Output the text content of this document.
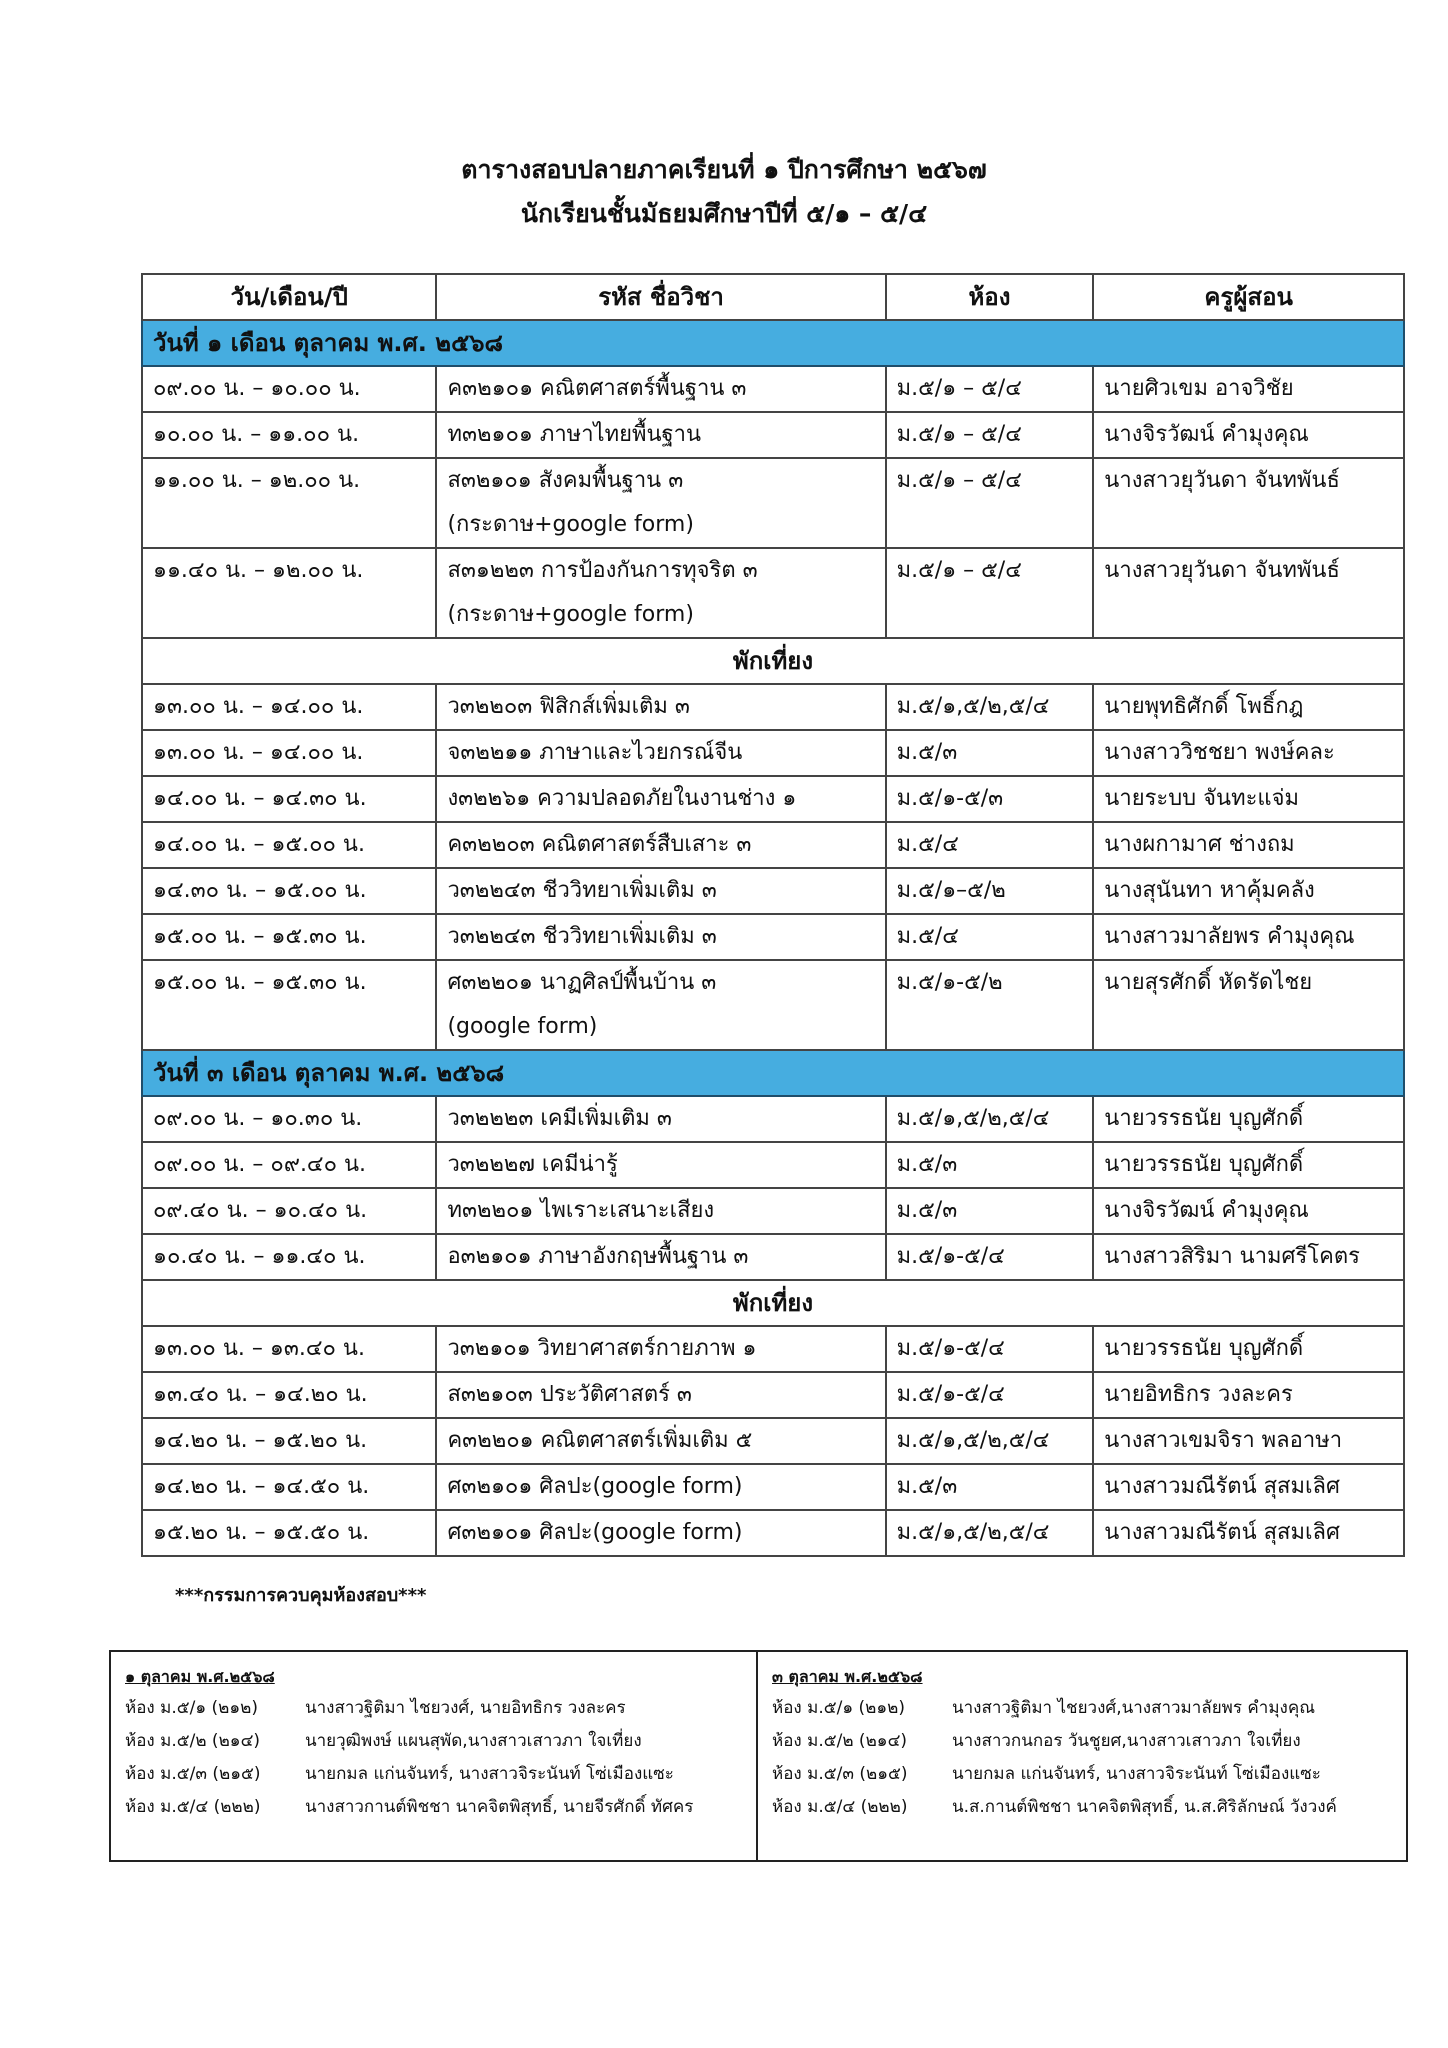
ตารางสอบปลายภาคเรียนที่ ๑ ปีการศึกษา ๒๕๖๗
นักเรียนชั้นมัธยมศึกษาปีที่ ๕/๑ – ๕/๔
วัน/เดือน/ปี	รหัส ชื่อวิชา	ห้อง	ครูผู้สอน
วันที่ ๑ เดือน ตุลาคม พ.ศ. ๒๕๖๘			
๐๙.๐๐ น. – ๑๐.๐๐ น.	ค๓๒๑๐๑ คณิตศาสตร์พื้นฐาน ๓	ม.๕/๑ – ๕/๔	นายศิวเขม อาจวิชัย
๑๐.๐๐ น. – ๑๑.๐๐ น.	ท๓๒๑๐๑ ภาษาไทยพื้นฐาน	ม.๕/๑ – ๕/๔	นางจิรวัฒน์ คำมุงคุณ
๑๑.๐๐ น. – ๑๒.๐๐ น.	ส๓๒๑๐๑ สังคมพื้นฐาน ๓
(กระดาษ+google form)	ม.๕/๑ – ๕/๔	นางสาวยุวันดา จันทพันธ์
๑๑.๔๐ น. – ๑๒.๐๐ น.	ส๓๑๒๒๓ การป้องกันการทุจริต ๓
(กระดาษ+google form)	ม.๕/๑ – ๕/๔	นางสาวยุวันดา จันทพันธ์
พักเที่ยง			
๑๓.๐๐ น. – ๑๔.๐๐ น.	ว๓๒๒๐๓ ฟิสิกส์เพิ่มเติม ๓	ม.๕/๑,๕/๒,๕/๔	นายพุทธิศักดิ์ โพธิ์กฎ
๑๓.๐๐ น. – ๑๔.๐๐ น.	จ๓๒๒๑๑ ภาษาและไวยกรณ์จีน	ม.๕/๓	นางสาววิชชยา พงษ์คละ
๑๔.๐๐ น. – ๑๔.๓๐ น.	ง๓๒๒๖๑ ความปลอดภัยในงานช่าง ๑	ม.๕/๑-๕/๓	นายระบบ จันทะแจ่ม
๑๔.๐๐ น. – ๑๕.๐๐ น.	ค๓๒๒๐๓ คณิตศาสตร์สืบเสาะ ๓	ม.๕/๔	นางผกามาศ ช่างถม
๑๔.๓๐ น. – ๑๕.๐๐ น.	ว๓๒๒๔๓ ชีววิทยาเพิ่มเติม ๓	ม.๕/๑–๕/๒	นางสุนันทา หาคุ้มคลัง
๑๕.๐๐ น. – ๑๕.๓๐ น.	ว๓๒๒๔๓ ชีววิทยาเพิ่มเติม ๓	ม.๕/๔	นางสาวมาลัยพร คำมุงคุณ
๑๕.๐๐ น. – ๑๕.๓๐ น.	ศ๓๒๒๐๑ นาฏศิลป์พื้นบ้าน ๓
(google form)	ม.๕/๑-๕/๒	นายสุรศักดิ์ หัดรัดไชย
วันที่ ๓ เดือน ตุลาคม พ.ศ. ๒๕๖๘			
๐๙.๐๐ น. – ๑๐.๓๐ น.	ว๓๒๒๒๓ เคมีเพิ่มเติม ๓	ม.๕/๑,๕/๒,๕/๔	นายวรรธนัย บุญศักดิ์
๐๙.๐๐ น. – ๐๙.๔๐ น.	ว๓๒๒๒๗ เคมีน่ารู้	ม.๕/๓	นายวรรธนัย บุญศักดิ์
๐๙.๔๐ น. – ๑๐.๔๐ น.	ท๓๒๒๐๑ ไพเราะเสนาะเสียง	ม.๕/๓	นางจิรวัฒน์ คำมุงคุณ
๑๐.๔๐ น. – ๑๑.๔๐ น.	อ๓๒๑๐๑ ภาษาอังกฤษพื้นฐาน ๓	ม.๕/๑-๕/๔	นางสาวสิริมา นามศรีโคตร
พักเที่ยง			
๑๓.๐๐ น. – ๑๓.๔๐ น.	ว๓๒๑๐๑ วิทยาศาสตร์กายภาพ ๑	ม.๕/๑-๕/๔	นายวรรธนัย บุญศักดิ์
๑๓.๔๐ น. – ๑๔.๒๐ น.	ส๓๒๑๐๓ ประวัติศาสตร์ ๓	ม.๕/๑-๕/๔	นายอิทธิกร วงละคร
๑๔.๒๐ น. – ๑๕.๒๐ น.	ค๓๒๒๐๑ คณิตศาสตร์เพิ่มเติม ๕	ม.๕/๑,๕/๒,๕/๔	นางสาวเขมจิรา พลอาษา
๑๔.๒๐ น. – ๑๔.๕๐ น.	ศ๓๒๑๐๑ ศิลปะ(google form)	ม.๕/๓	นางสาวมณีรัตน์ สุสมเลิศ
๑๕.๒๐ น. – ๑๕.๕๐ น.	ศ๓๒๑๐๑ ศิลปะ(google form)	ม.๕/๑,๕/๒,๕/๔	นางสาวมณีรัตน์ สุสมเลิศ
***กรรมการควบคุมห้องสอบ***
๑ ตุลาคม พ.ศ.๒๕๖๘
ห้อง ม.๕/๑ (๒๑๒)	นางสาวฐิติมา ไชยวงศ์, นายอิทธิกร วงละคร
ห้อง ม.๕/๒ (๒๑๔)	นายวุฒิพงษ์ แผนสุพัด,นางสาวเสาวภา ใจเที่ยง
ห้อง ม.๕/๓ (๒๑๕)	นายกมล แก่นจันทร์, นางสาวจิระนันท์ โซ่เมืองแซะ
ห้อง ม.๕/๔ (๒๒๒)	นางสาวกานต์พิชชา นาคจิตพิสุทธิ์, นายจีรศักดิ์ ทัศคร
๓ ตุลาคม พ.ศ.๒๕๖๘
ห้อง ม.๕/๑ (๒๑๒)	นางสาวฐิติมา ไชยวงศ์,นางสาวมาลัยพร คำมุงคุณ
ห้อง ม.๕/๒ (๒๑๔)	นางสาวกนกอร วันชูยศ,นางสาวเสาวภา ใจเที่ยง
ห้อง ม.๕/๓ (๒๑๕)	นายกมล แก่นจันทร์, นางสาวจิระนันท์ โซ่เมืองแซะ
ห้อง ม.๕/๔ (๒๒๒)	น.ส.กานต์พิชชา นาคจิตพิสุทธิ์, น.ส.ศิริลักษณ์ วังวงค์
